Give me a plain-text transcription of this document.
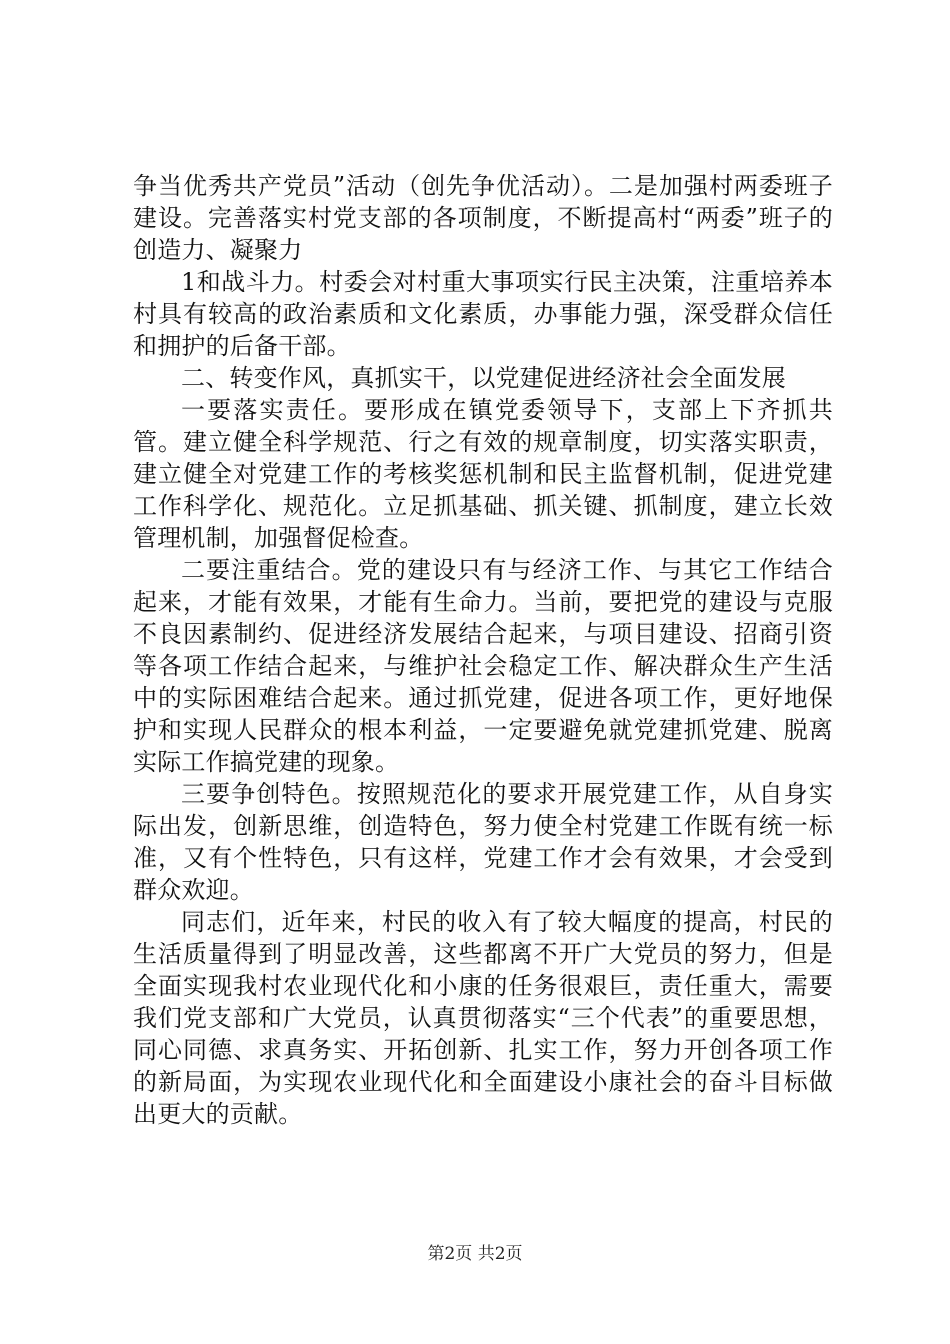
争当优秀共产党员”活动（创先争优活动）。二是加强村两委班子建设。完善落实村党支部的各项制度，不断提高村“两委”班子的创造力、凝聚力

1和战斗力。村委会对村重大事项实行民主决策，注重培养本村具有较高的政治素质和文化素质，办事能力强，深受群众信任和拥护的后备干部。

二、转变作风，真抓实干，以党建促进经济社会全面发展

一要落实责任。要形成在镇党委领导下，支部上下齐抓共管。建立健全科学规范、行之有效的规章制度，切实落实职责，建立健全对党建工作的考核奖惩机制和民主监督机制，促进党建工作科学化、规范化。立足抓基础、抓关键、抓制度，建立长效管理机制，加强督促检查。

二要注重结合。党的建设只有与经济工作、与其它工作结合起来，才能有效果，才能有生命力。当前，要把党的建设与克服不良因素制约、促进经济发展结合起来，与项目建设、招商引资等各项工作结合起来，与维护社会稳定工作、解决群众生产生活中的实际困难结合起来。通过抓党建，促进各项工作，更好地保护和实现人民群众的根本利益，一定要避免就党建抓党建、脱离实际工作搞党建的现象。

三要争创特色。按照规范化的要求开展党建工作，从自身实际出发，创新思维，创造特色，努力使全村党建工作既有统一标准，又有个性特色，只有这样，党建工作才会有效果，才会受到群众欢迎。

同志们，近年来，村民的收入有了较大幅度的提高，村民的生活质量得到了明显改善，这些都离不开广大党员的努力，但是全面实现我村农业现代化和小康的任务很艰巨，责任重大，需要我们党支部和广大党员，认真贯彻落实“三个代表”的重要思想，同心同德、求真务实、开拓创新、扎实工作，努力开创各项工作的新局面，为实现农业现代化和全面建设小康社会的奋斗目标做出更大的贡献。

第2页 共2页
